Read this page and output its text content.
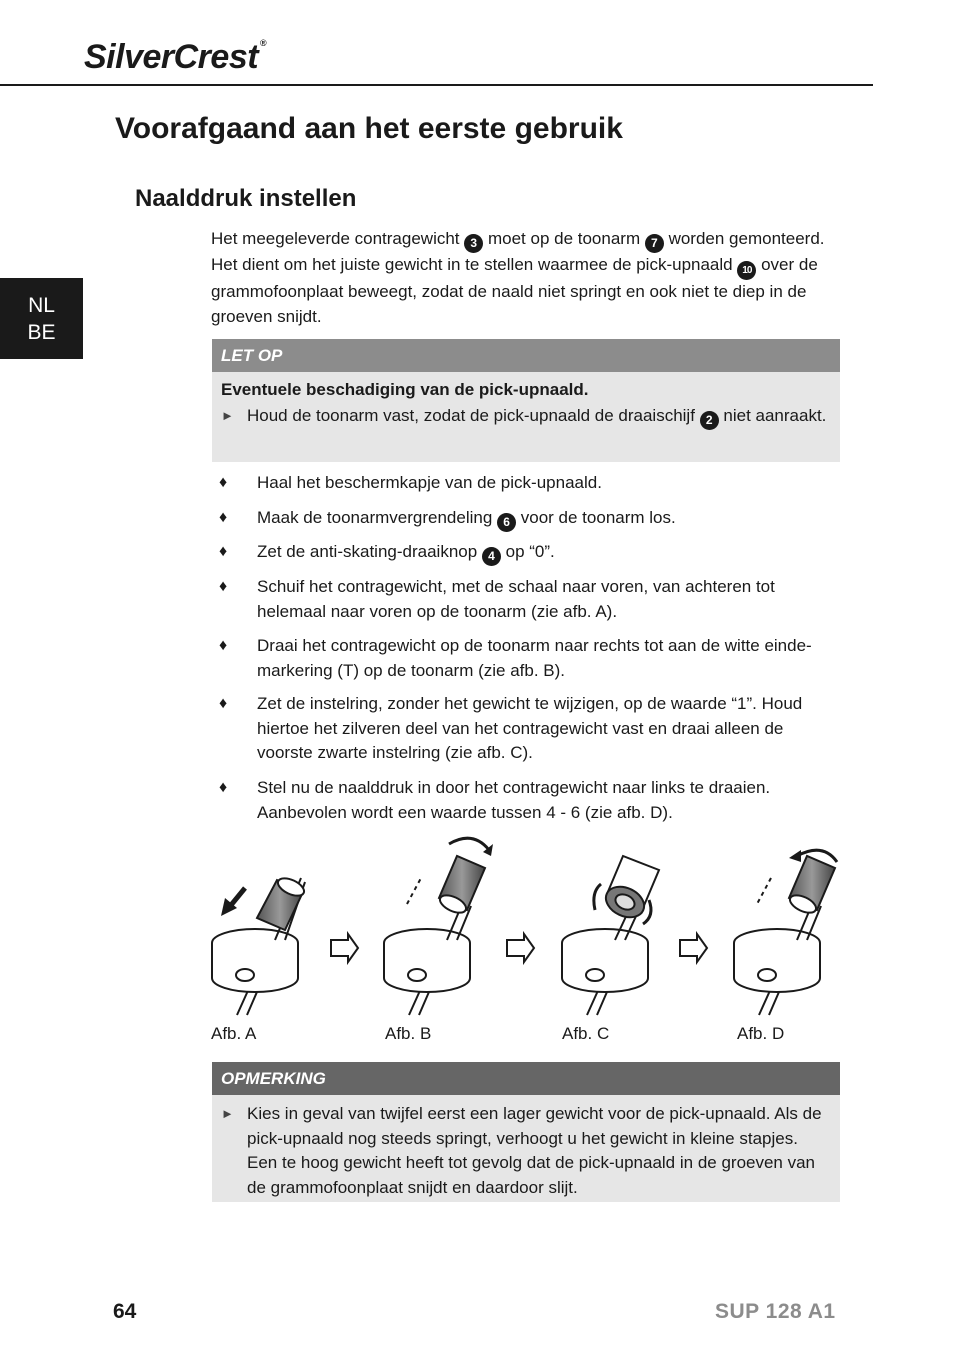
SilverCrest ®
NL
BE
Voorafgaand aan het eerste gebruik
Naalddruk instellen

Het meegeleverde contragewicht 3 moet op de toonarm 7 worden gemonteerd. Het dient om het juiste gewicht in te stellen waarmee de pick-upnaald 10 over de grammofoonplaat beweegt, zodat de naald niet springt en ook niet te diep in de groeven snijdt.

LET OP
Eventuele beschadiging van de pick-upnaald.
► Houd de toonarm vast, zodat de pick-upnaald de draaischijf 2 niet aanraakt.
♦	Haal het beschermkapje van de pick-upnaald.
♦	Maak de toonarmvergrendeling 6 voor de toonarm los.
♦	Zet de anti-skating-draaiknop 4 op “0”.
♦	Schuif het contragewicht, met de schaal naar voren, van achteren tot helemaal naar voren op de toonarm (zie afb. A).
♦	Draai het contragewicht op de toonarm naar rechts tot aan de witte einde-markering (T) op de toonarm (zie afb. B).
♦	Zet de instelring, zonder het gewicht te wijzigen, op de waarde “1”. Houd hiertoe het zilveren deel van het contragewicht vast en draai alleen de voorste zwarte instelring (zie afb. C).
♦	Stel nu de naalddruk in door het contragewicht naar links te draaien. Aanbevolen wordt een waarde tussen 4 - 6 (zie afb. D).
Afb. A	Afb. B	Afb. C	Afb. D
OPMERKING
► Kies in geval van twijfel eerst een lager gewicht voor de pick-upnaald. Als de pick-upnaald nog steeds springt, verhoogt u het gewicht in kleine stapjes. Een te hoog gewicht heeft tot gevolg dat de pick-upnaald in de groeven van de grammofoonplaat snijdt en daardoor slijt.
64	SUP 128 A1
